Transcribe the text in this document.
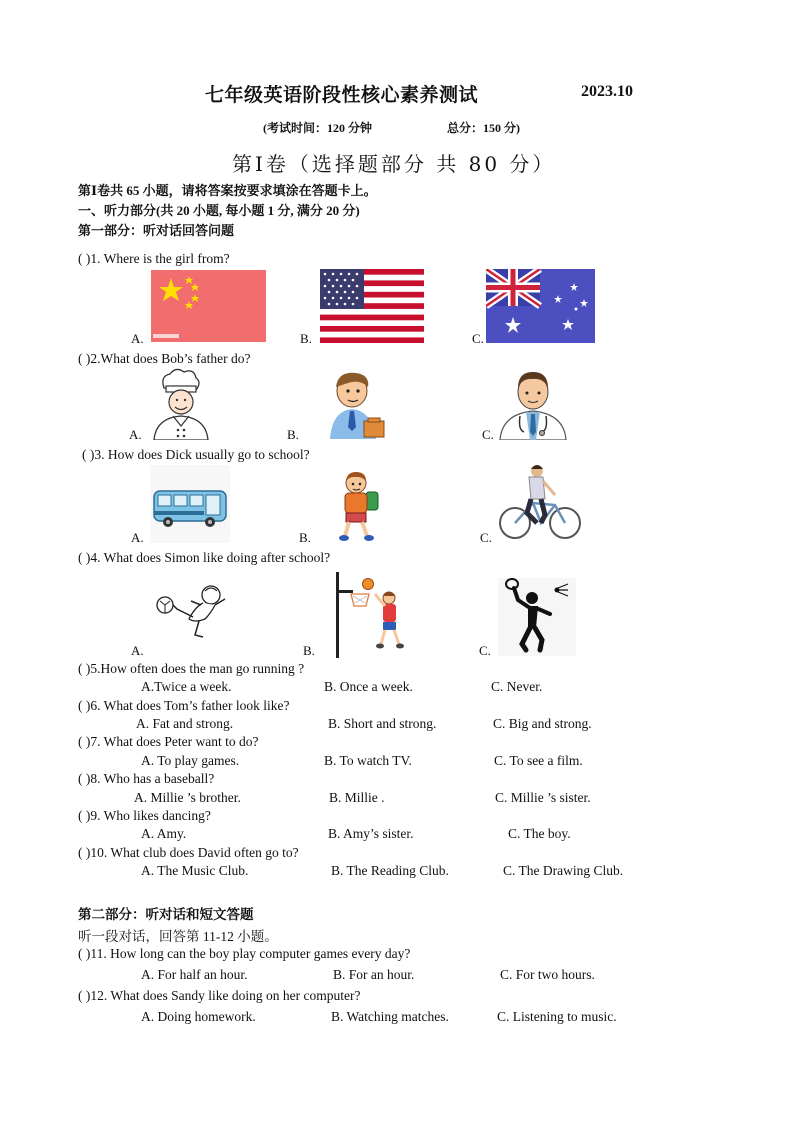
七年级英语阶段性核心素养测试	2023.10
(考试时间：120 分钟	总分：150 分)
第Ⅰ卷（选择题部分 共 80 分）
第Ⅰ卷共 65 小题，请将答案按要求填涂在答题卡上。
一、听力部分(共 20 小题, 每小题 1 分, 满分 20 分)
第一部分：听对话回答问题
( )1. Where is the girl from?
A.	B.	C.
( )2.What does Bob’s father do?
A.	B.	C.
( )3. How does Dick usually go to school?
A.	B.	C.
( )4. What does Simon like doing after school?
A.	B.	C.
( )5.How often does the man go running ?
A.Twice a week.	B. Once a week.	C. Never.
( )6. What does Tom’s father look like?
A. Fat and strong.	B. Short and strong.	C. Big and strong.
( )7. What does Peter want to do?
A. To play games.	B. To watch TV.	C. To see a film.
( )8. Who has a baseball?
A. Millie ’s brother.	B. Millie .	C. Millie ’s sister.
( )9. Who likes dancing?
A. Amy.	B. Amy’s sister.	C. The boy.
( )10. What club does David often go to?
A. The Music Club.	B. The Reading Club.	C. The Drawing Club.
第二部分：听对话和短文答题
听一段对话，回答第 11-12 小题。
( )11. How long can the boy play computer games every day?
A. For half an hour.	B. For an hour.	C. For two hours.
( )12. What does Sandy like doing on her computer?
A. Doing homework.	B. Watching matches.	C. Listening to music.
